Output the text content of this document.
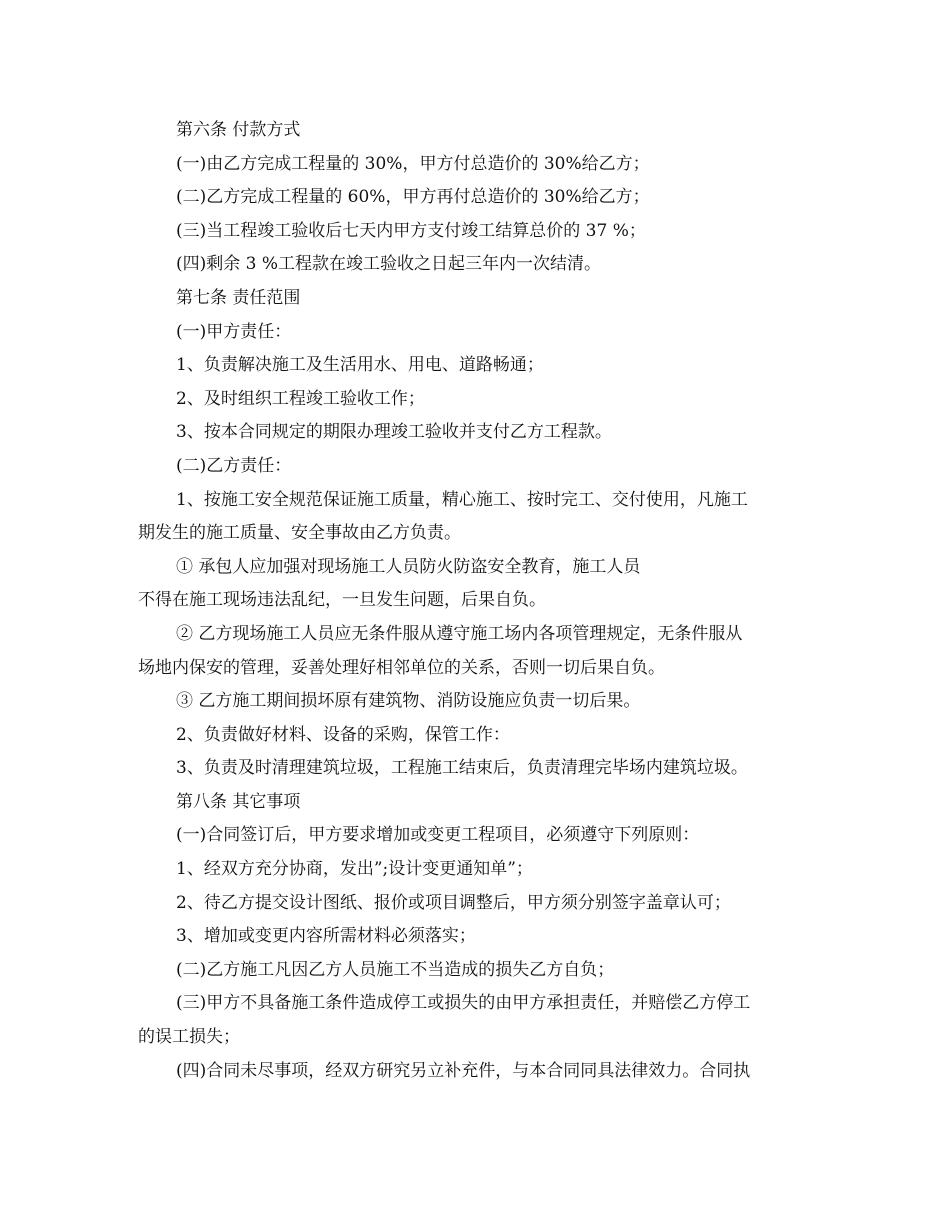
第六条 付款方式
(一)由乙方完成工程量的 30%，甲方付总造价的 30%给乙方；
(二)乙方完成工程量的 60%，甲方再付总造价的 30%给乙方；
(三)当工程竣工验收后七天内甲方支付竣工结算总价的 37 %；
(四)剩余 3 %工程款在竣工验收之日起三年内一次结清。
第七条 责任范围
(一)甲方责任：
1、负责解决施工及生活用水、用电、道路畅通；
2、及时组织工程竣工验收工作；
3、按本合同规定的期限办理竣工验收并支付乙方工程款。
(二)乙方责任：
1、按施工安全规范保证施工质量，精心施工、按时完工、交付使用，凡施工
期发生的施工质量、安全事故由乙方负责。
① 承包人应加强对现场施工人员防火防盗安全教育，施工人员
不得在施工现场违法乱纪，一旦发生问题，后果自负。
② 乙方现场施工人员应无条件服从遵守施工场内各项管理规定，无条件服从
场地内保安的管理，妥善处理好相邻单位的关系，否则一切后果自负。
③ 乙方施工期间损坏原有建筑物、消防设施应负责一切后果。
2、负责做好材料、设备的采购，保管工作：
3、负责及时清理建筑垃圾，工程施工结束后，负责清理完毕场内建筑垃圾。
第八条 其它事项
(一)合同签订后，甲方要求增加或变更工程项目，必须遵守下列原则：
1、经双方充分协商，发出”;设计变更通知单”；
2、待乙方提交设计图纸、报价或项目调整后，甲方须分别签字盖章认可；
3、增加或变更内容所需材料必须落实；
(二)乙方施工凡因乙方人员施工不当造成的损失乙方自负；
(三)甲方不具备施工条件造成停工或损失的由甲方承担责任，并赔偿乙方停工
的误工损失；
(四)合同未尽事项，经双方研究另立补充件，与本合同同具法律效力。合同执
